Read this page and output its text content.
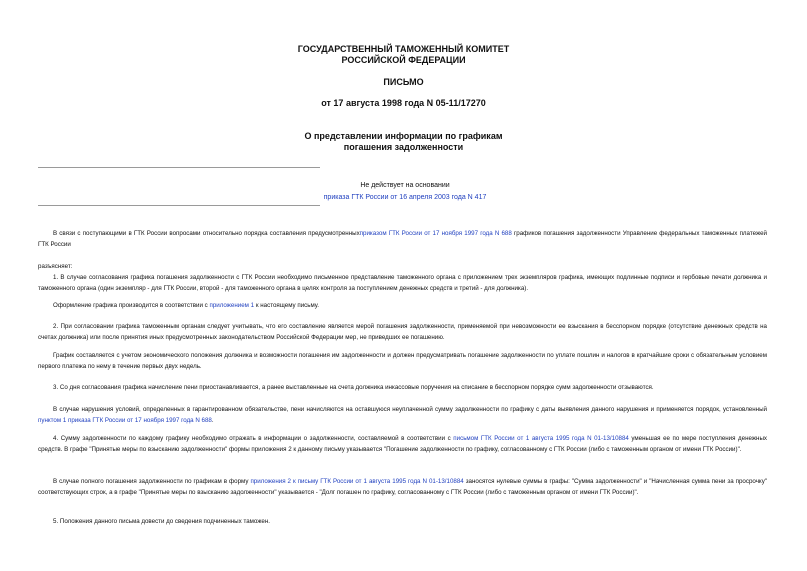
ГОСУДАРСТВЕННЫЙ ТАМОЖЕННЫЙ КОМИТЕТ
РОССИЙСКОЙ ФЕДЕРАЦИИ
ПИСЬМО
от 17 августа 1998 года N 05-11/17270
О представлении информации по графикам
погашения задолженности
Не действует на основании
приказа ГТК России от 16 апреля 2003 года N 417

В связи с поступающими в ГТК России вопросами относительно порядка составления предусмотренныхприказом ГТК России от 17 ноября 1997 года N 688 графиков погашения задолженности Управление федеральных таможенных платежей ГТК России

разъясняет:

1. В случае согласования графика погашения задолженности с ГТК России необходимо письменное представление таможенного органа с приложением трех экземпляров графика, имеющих подлинные подписи и гербовые печати должника и таможенного органа (один экземпляр - для ГТК России, второй - для таможенного органа в целях контроля за поступлением денежных средств и третий - для должника).

Оформление графика производится в соответствии с приложением 1 к настоящему письму.

2. При согласовании графика таможенным органам следует учитывать, что его составление является мерой погашения задолженности, применяемой при невозможности ее взыскания в бесспорном порядке (отсутствие денежных средств на счетах должника) или после принятия иных предусмотренных законодательством Российской Федерации мер, не приведших ее погашению.

График составляется с учетом экономического положения должника и возможности погашения им задолженности и должен предусматривать погашение задолженности по уплате пошлин и налогов в кратчайшие сроки с обязательным условием первого платежа по нему в течение первых двух недель.

3. Со дня согласования графика начисление пени приостанавливается, а ранее выставленные на счета должника инкассовые поручения на списание в бесспорном порядке сумм задолженности отзываются.

В случае нарушения условий, определенных в гарантированном обязательстве, пени начисляются на оставшуюся неуплаченной сумму задолженности по графику с даты выявления данного нарушения и применяется порядок, установленный пунктом 1 приказа ГТК России от 17 ноября 1997 года N 688.

4. Сумму задолженности по каждому графику необходимо отражать в информации о задолженности, составляемой в соответствии с письмом ГТК России от 1 августа 1995 года N 01-13/10884 уменьшая ее по мере поступления денежных средств. В графе "Принятые меры по взысканию задолженности" формы приложения 2 к данному письму указывается "Погашение задолженности по графику, согласованному с ГТК России (либо с таможенным органом от имени ГТК России)".

В случае полного погашения задолженности по графикам в форму приложения 2 к письму ГТК России от 1 августа 1995 года N 01-13/10884 заносятся нулевые суммы в графы: "Сумма задолженности" и "Начисленная сумма пени за просрочку" соответствующих строк, а в графе "Принятые меры по взысканию задолженности" указывается - "Долг погашен по графику, согласованному с ГТК России (либо с таможенным органом от имени ГТК России)".

5. Положения данного письма довести до сведения подчиненных таможен.
